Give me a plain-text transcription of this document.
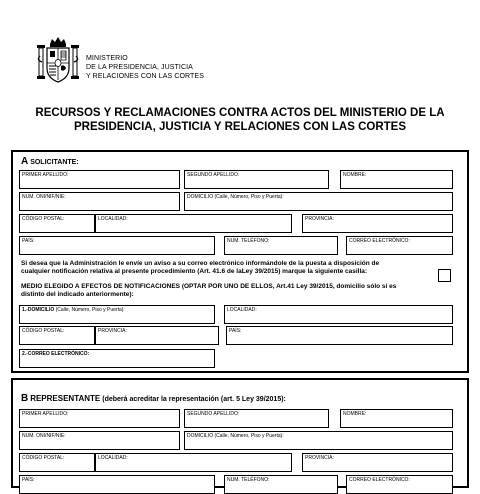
MINISTERIO
DE LA PRESIDENCIA, JUSTICIA
Y RELACIONES CON LAS CORTES
RECURSOS Y RECLAMACIONES CONTRA ACTOS DEL MINISTERIO DE LA
PRESIDENCIA, JUSTICIA Y RELACIONES CON LAS CORTES
A SOLICITANTE:
PRIMER APELLIDO:	SEGUNDO APELLIDO:	NOMBRE:
NUM. ONI/NIF/NIE:	DOMICILIO (Calle, Número, Piso y Puerta):
CÓDIGO POSTAL:	LOCALIDAD:	PROVINCIA:
PAÍS:	NUM. TELÉFONO:	CORREO ELECTRÓNICO:
Si desea que la Administración le envíe un aviso a su correo electrónico informándole de la puesta a disposición de
cualquier notificación relativa al presente procedimiento (Art. 41.6 de laLey 39/2015) marque la siguiente casilla:
MEDIO ELEGIDO A EFECTOS DE NOTIFICACIONES (OPTAR POR UNO DE ELLOS, Art.41 Ley 39/2015, domicilio sólo si es
distinto del indicado anteriormente):
1.-DOMICILIO (Calle, Número, Piso y Puerta):	LOCALIDAD:
CÓDIGO POSTAL:	PROVINCIA:	PAÍS:
2.-CORREO ELECTRÓNICO:
B REPRESENTANTE (deberá acreditar la representación (art. 5 Ley 39/2015):
PRIMER APELLIDO:	SEGUNDO APELLIDO:	NOMBRE:
NUM. ONI/NIF/NIE:	DOMICILIO (Calle, Número, Piso y Puerta):
CÓDIGO POSTAL:	LOCALIDAD:	PROVINCIA:
PAÍS:	NUM. TELÉFONO:	CORREO ELECTRÓNICO:
